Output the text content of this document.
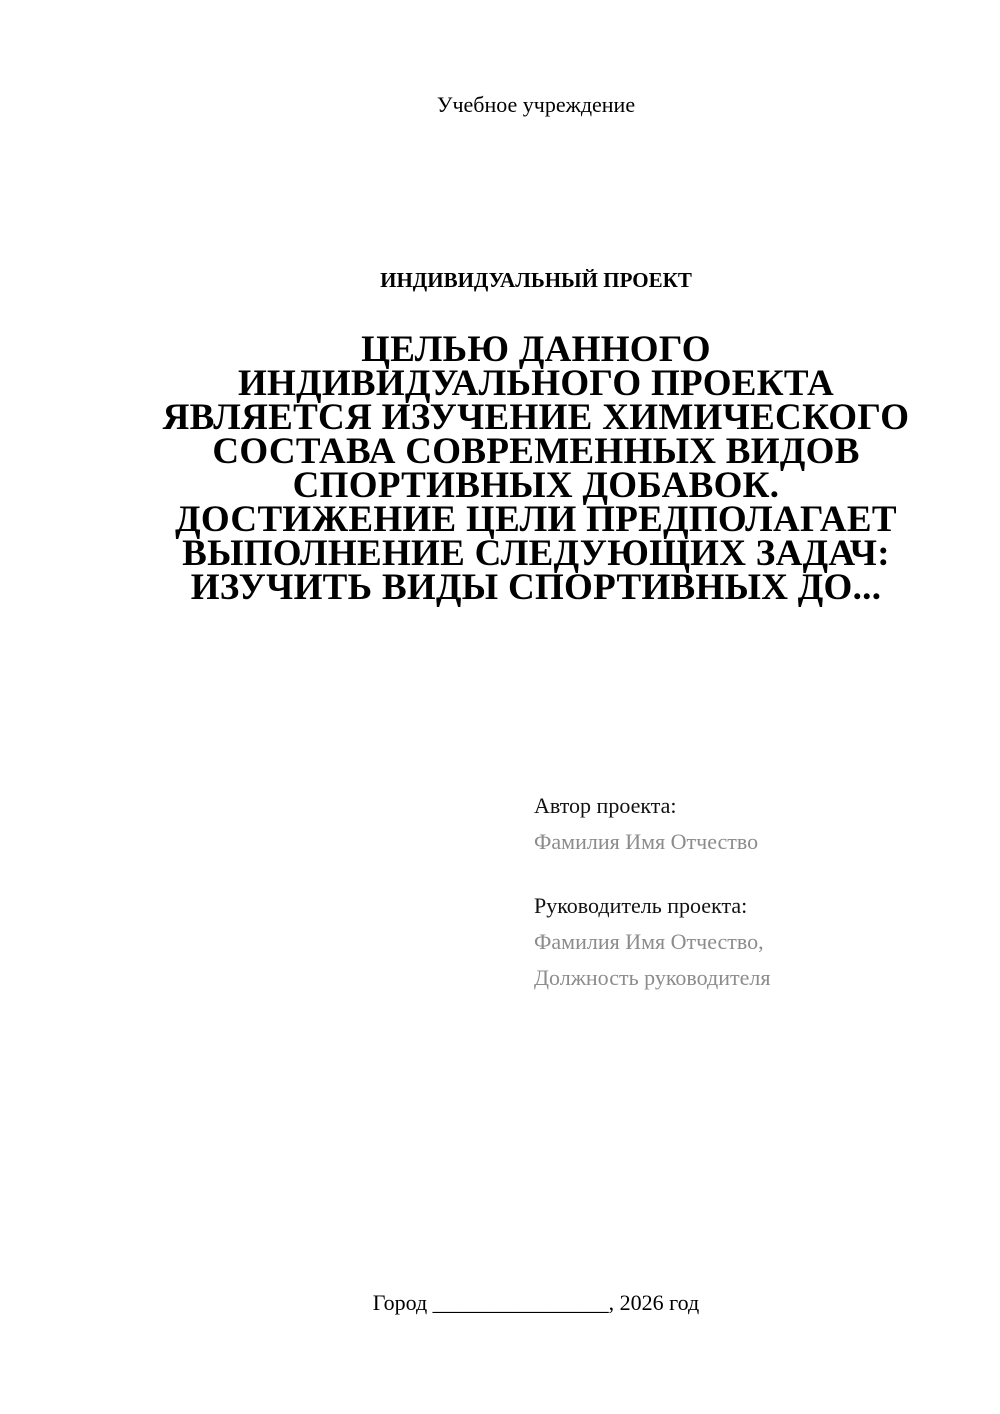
Учебное учреждение
ИНДИВИДУАЛЬНЫЙ ПРОЕКТ
ЦЕЛЬЮ ДАННОГО
ИНДИВИДУАЛЬНОГО ПРОЕКТА
ЯВЛЯЕТСЯ ИЗУЧЕНИЕ ХИМИЧЕСКОГО
СОСТАВА СОВРЕМЕННЫХ ВИДОВ
СПОРТИВНЫХ ДОБАВОК.
ДОСТИЖЕНИЕ ЦЕЛИ ПРЕДПОЛАГАЕТ
ВЫПОЛНЕНИЕ СЛЕДУЮЩИХ ЗАДАЧ:
ИЗУЧИТЬ ВИДЫ СПОРТИВНЫХ ДО...
Автор проекта:
Фамилия Имя Отчество
Руководитель проекта:
Фамилия Имя Отчество,
Должность руководителя
Город ________________, 2026 год
